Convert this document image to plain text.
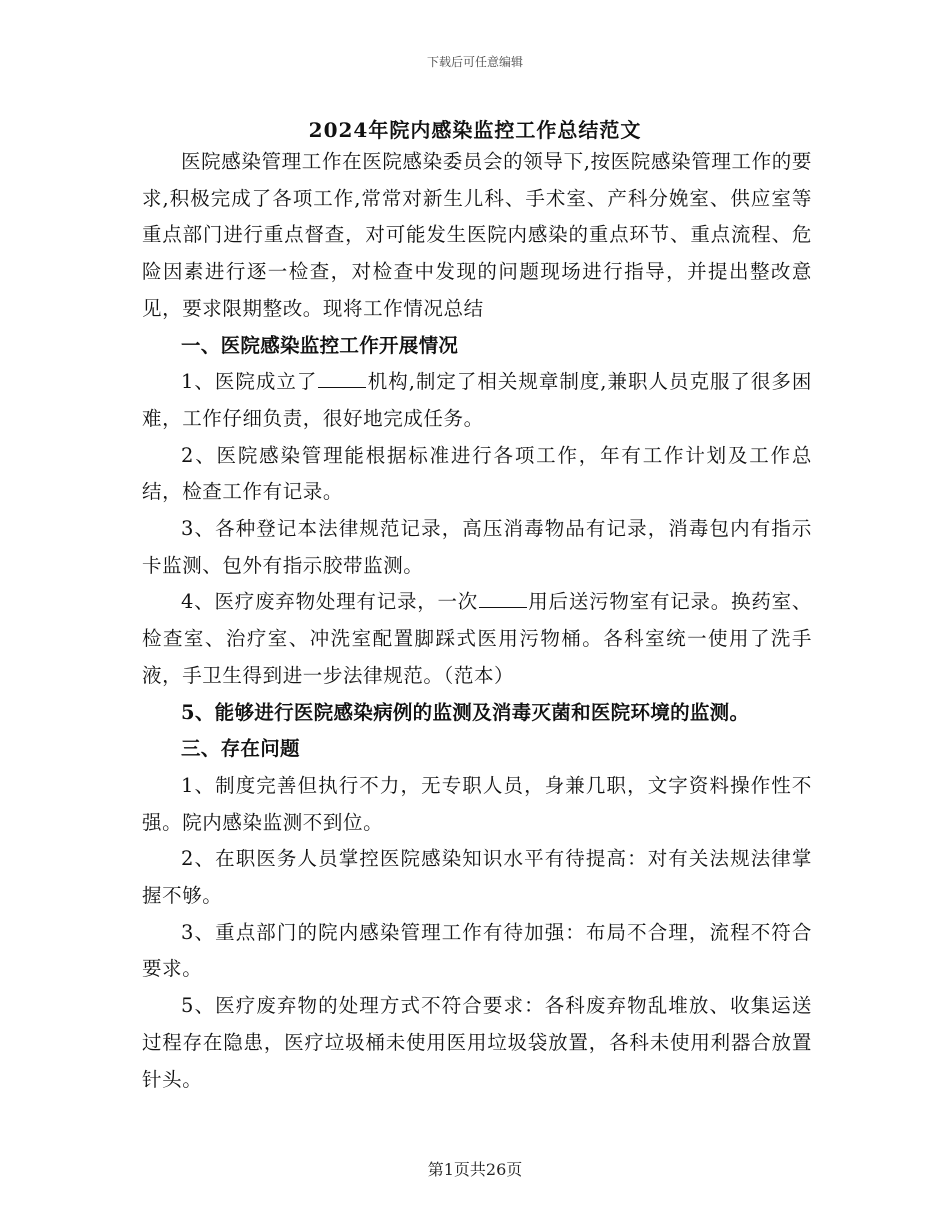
下载后可任意编辑
2024年院内感染监控工作总结范文

医院感染管理工作在医院感染委员会的领导下,按医院感染管理工作的要求,积极完成了各项工作,常常对新生儿科、手术室、产科分娩室、供应室等重点部门进行重点督查，对可能发生医院内感染的重点环节、重点流程、危险因素进行逐一检查，对检查中发现的问题现场进行指导，并提出整改意见，要求限期整改。现将工作情况总结

一、医院感染监控工作开展情况

1、医院成立了	机构,制定了相关规章制度,兼职人员克服了很多困难，工作仔细负责，很好地完成任务。

2、医院感染管理能根据标准进行各项工作，年有工作计划及工作总结，检查工作有记录。

3、各种登记本法律规范记录，高压消毒物品有记录，消毒包内有指示卡监测、包外有指示胶带监测。

4、医疗废弃物处理有记录，一次	用后送污物室有记录。换药室、检查室、治疗室、冲洗室配置脚踩式医用污物桶。各科室统一使用了洗手液，手卫生得到进一步法律规范。（范本）

5、能够进行医院感染病例的监测及消毒灭菌和医院环境的监测。

三、存在问题

1、制度完善但执行不力，无专职人员，身兼几职，文字资料操作性不强。院内感染监测不到位。

2、在职医务人员掌控医院感染知识水平有待提高：对有关法规法律掌握不够。

3、重点部门的院内感染管理工作有待加强：布局不合理，流程不符合要求。

5、医疗废弃物的处理方式不符合要求：各科废弃物乱堆放、收集运送过程存在隐患，医疗垃圾桶未使用医用垃圾袋放置，各科未使用利器合放置针头。

第1页共26页
